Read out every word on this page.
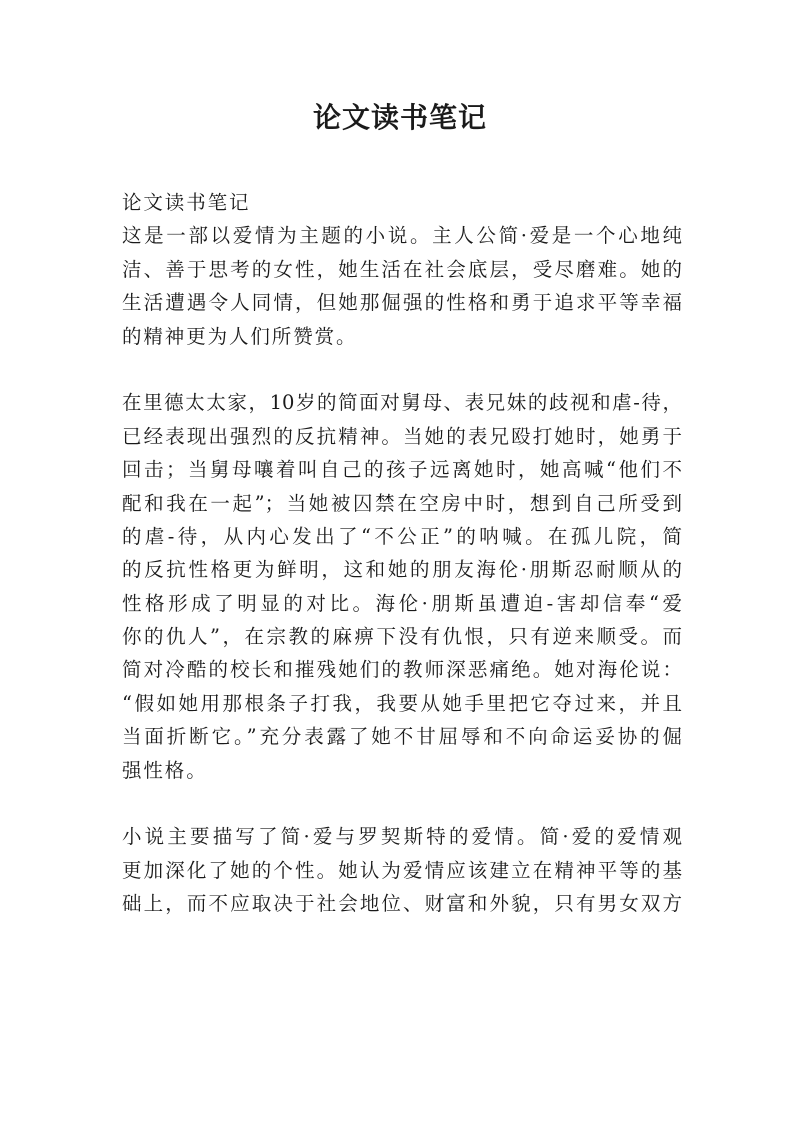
论文读书笔记

论文读书笔记

这是一部以爱情为主题的小说。主人公简·爱是一个心地纯

洁、善于思考的女性，她生活在社会底层，受尽磨难。她的

生活遭遇令人同情，但她那倔强的性格和勇于追求平等幸福

的精神更为人们所赞赏。

在里德太太家，10岁的简面对舅母、表兄妹的歧视和虐-待，

已经表现出强烈的反抗精神。当她的表兄殴打她时，她勇于

回击；当舅母嚷着叫自己的孩子远离她时，她高喊“他们不

配和我在一起”；当她被囚禁在空房中时，想到自己所受到

的虐-待，从内心发出了“不公正”的呐喊。在孤儿院，简

的反抗性格更为鲜明，这和她的朋友海伦·朋斯忍耐顺从的

性格形成了明显的对比。海伦·朋斯虽遭迫-害却信奉“爱

你的仇人”，在宗教的麻痹下没有仇恨，只有逆来顺受。而

简对冷酷的校长和摧残她们的教师深恶痛绝。她对海伦说：

“假如她用那根条子打我，我要从她手里把它夺过来，并且

当面折断它。”充分表露了她不甘屈辱和不向命运妥协的倔

强性格。

小说主要描写了简·爱与罗契斯特的爱情。简·爱的爱情观

更加深化了她的个性。她认为爱情应该建立在精神平等的基

础上，而不应取决于社会地位、财富和外貌，只有男女双方
